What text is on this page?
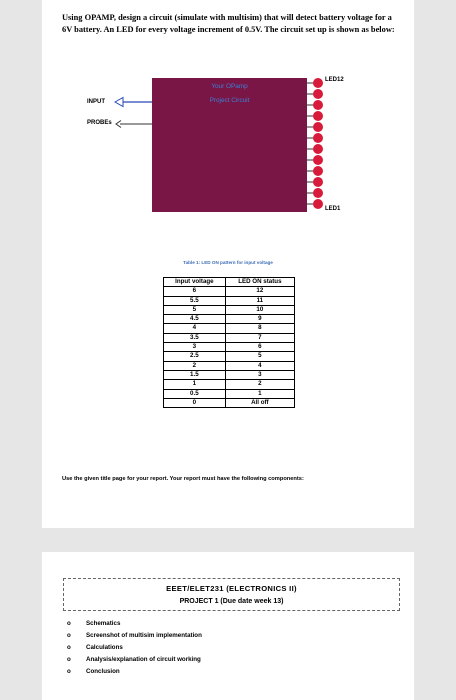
Using OPAMP, design a circuit (simulate with multisim) that will detect battery voltage for a 6V battery. An LED for every voltage increment of 0.5V. The circuit set up is shown as below:
Your OPamp
Project Circuit
INPUT
PROBEs
LED12
LED1
Table 1: LED ON pattern for input voltage
Input voltage	LED ON status
6	12
5.5	11
5	10
4.5	9
4	8
3.5	7
3	6
2.5	5
2	4
1.5	3
1	2
0.5	1
0	All off
Use the given title page for your report. Your report must have the following components:
EEET/ELET231 (ELECTRONICS II)
PROJECT 1 (Due date week 13)
o Schematics
o Screenshot of multisim implementation
o Calculations
o Analysis/explanation of circuit working
o Conclusion
